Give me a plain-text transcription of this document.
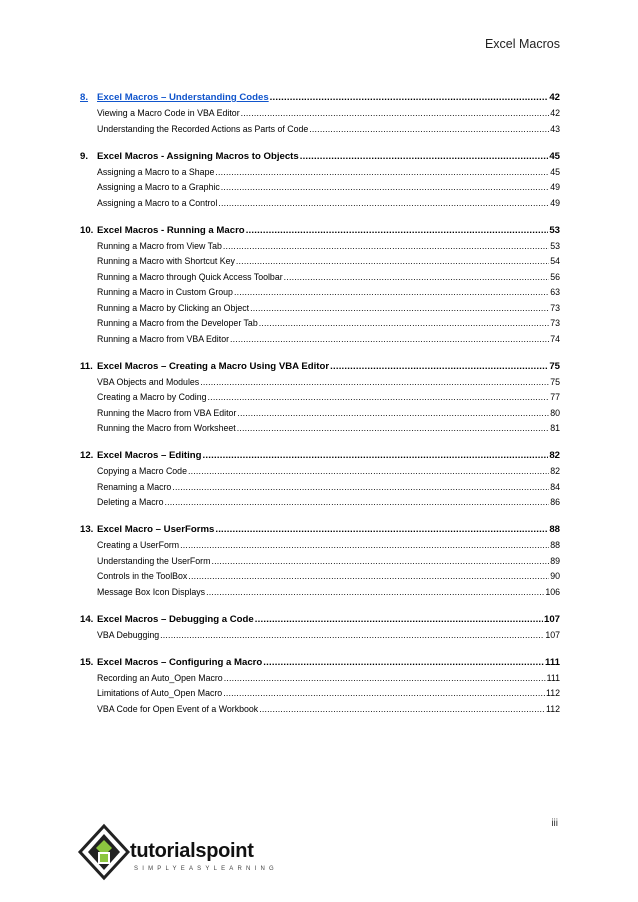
Excel Macros
8. Excel Macros – Understanding Codes .....	42
Viewing a Macro Code in VBA Editor .....	42
Understanding the Recorded Actions as Parts of Code .....	43
9. Excel Macros - Assigning Macros to Objects .....	45
Assigning a Macro to a Shape .....	45
Assigning a Macro to a Graphic .....	49
Assigning a Macro to a Control .....	49
10. Excel Macros - Running a Macro .....	53
Running a Macro from View Tab .....	53
Running a Macro with Shortcut Key .....	54
Running a Macro through Quick Access Toolbar .....	56
Running a Macro in Custom Group .....	63
Running a Macro by Clicking an Object .....	73
Running a Macro from the Developer Tab .....	73
Running a Macro from VBA Editor .....	74
11. Excel Macros – Creating a Macro Using VBA Editor .....	75
VBA Objects and Modules .....	75
Creating a Macro by Coding .....	77
Running the Macro from VBA Editor .....	80
Running the Macro from Worksheet .....	81
12. Excel Macros – Editing .....	82
Copying a Macro Code .....	82
Renaming a Macro .....	84
Deleting a Macro .....	86
13. Excel Macro – UserForms .....	88
Creating a UserForm .....	88
Understanding the UserForm .....	89
Controls in the ToolBox .....	90
Message Box Icon Displays .....	106
14. Excel Macros – Debugging a Code .....	107
VBA Debugging .....	107
15. Excel Macros – Configuring a Macro .....	111
Recording an Auto_Open Macro .....	111
Limitations of Auto_Open Macro .....	112
VBA Code for Open Event of a Workbook .....	112
iii
tutorialspoint
SIMPLYEASYLEARNING
